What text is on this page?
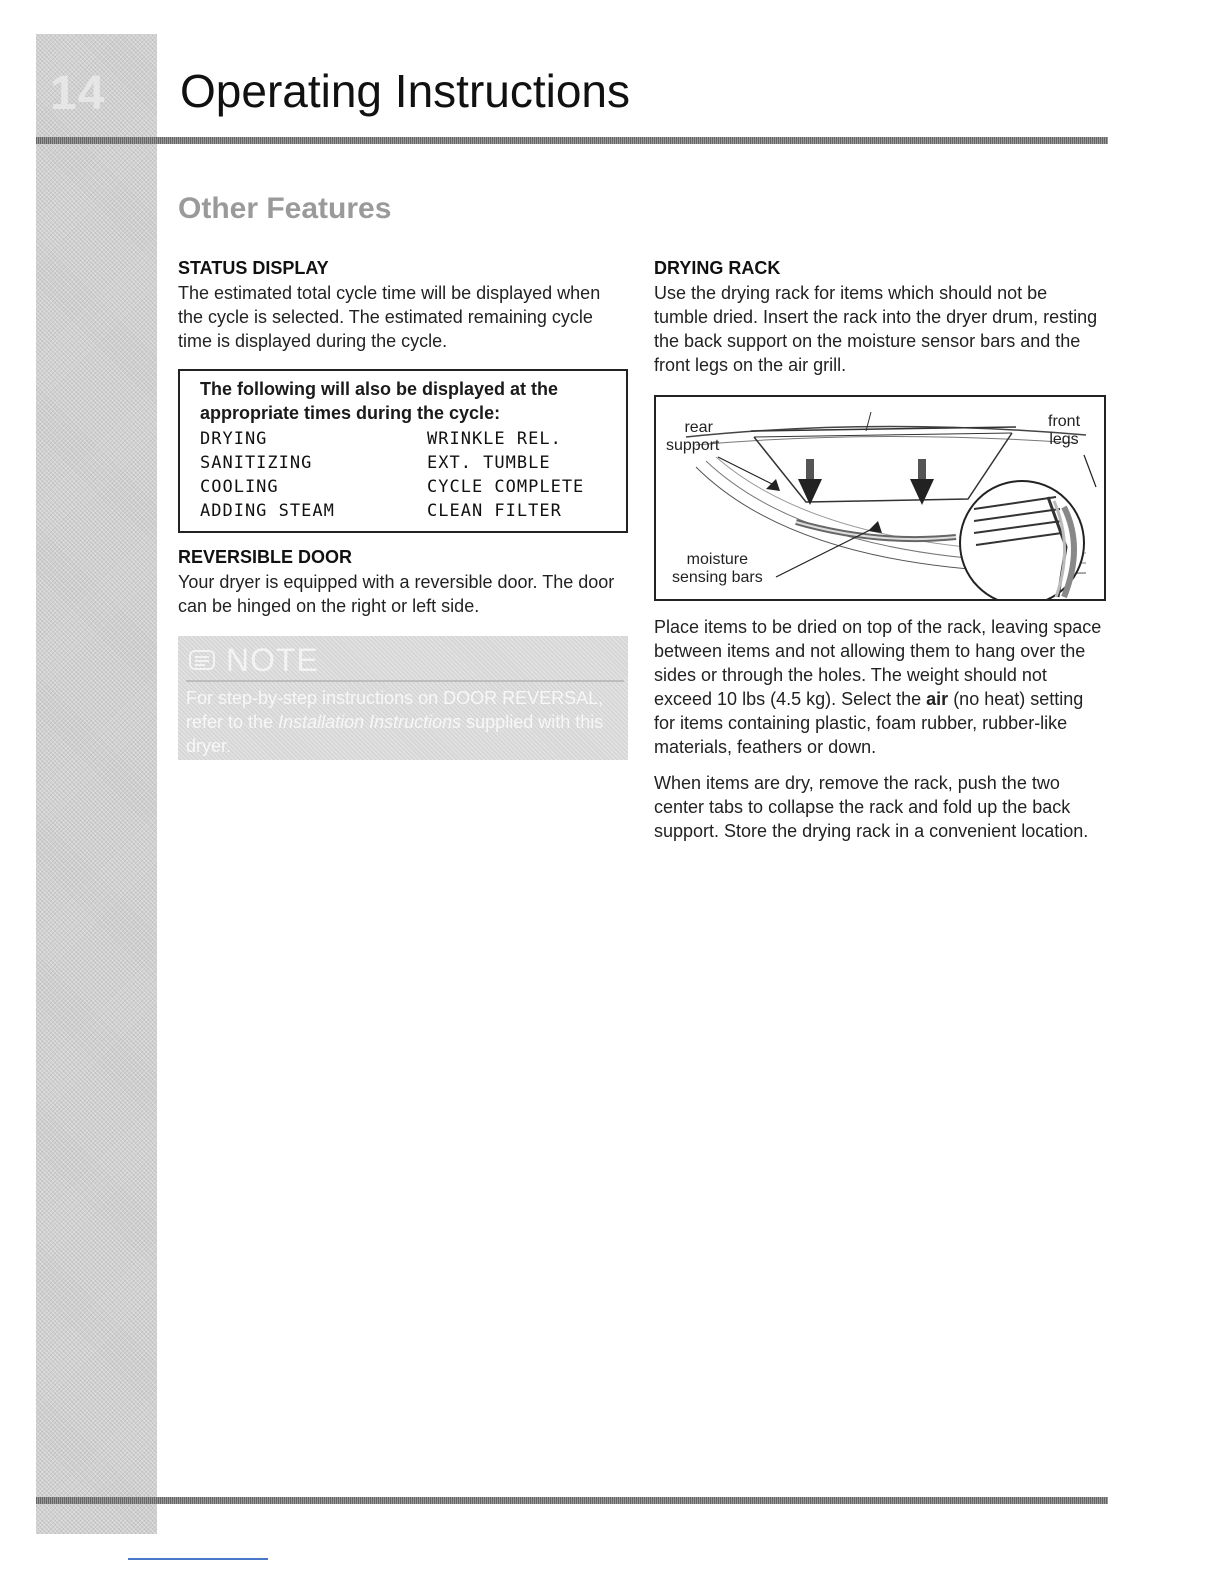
14	Operating Instructions
Other Features
STATUS DISPLAY

The estimated total cycle time will be displayed when the cycle is selected. The estimated remaining cycle time is displayed during the cycle.

The following will also be displayed at the appropriate times during the cycle:
DRYING	WRINKLE REL.
SANITIZING	EXT. TUMBLE
COOLING	CYCLE COMPLETE
ADDING STEAM	CLEAN FILTER
REVERSIBLE DOOR

Your dryer is equipped with a reversible door. The door can be hinged on the right or left side.

NOTE
For step-by-step instructions on DOOR REVERSAL, refer to the Installation Instructions supplied with this dryer.
DRYING RACK

Use the drying rack for items which should not be tumble dried. Insert the rack into the dryer drum, resting the back support on the moisture sensor bars and the front legs on the air grill.

rear
support
front
legs
moisture
sensing bars

Place items to be dried on top of the rack, leaving space between items and not allowing them to hang over the sides or through the holes. The weight should not exceed 10 lbs (4.5 kg). Select the air (no heat) setting for items containing plastic, foam rubber, rubber-like materials, feathers or down.

When items are dry, remove the rack, push the two center tabs to collapse the rack and fold up the back support. Store the drying rack in a convenient location.
